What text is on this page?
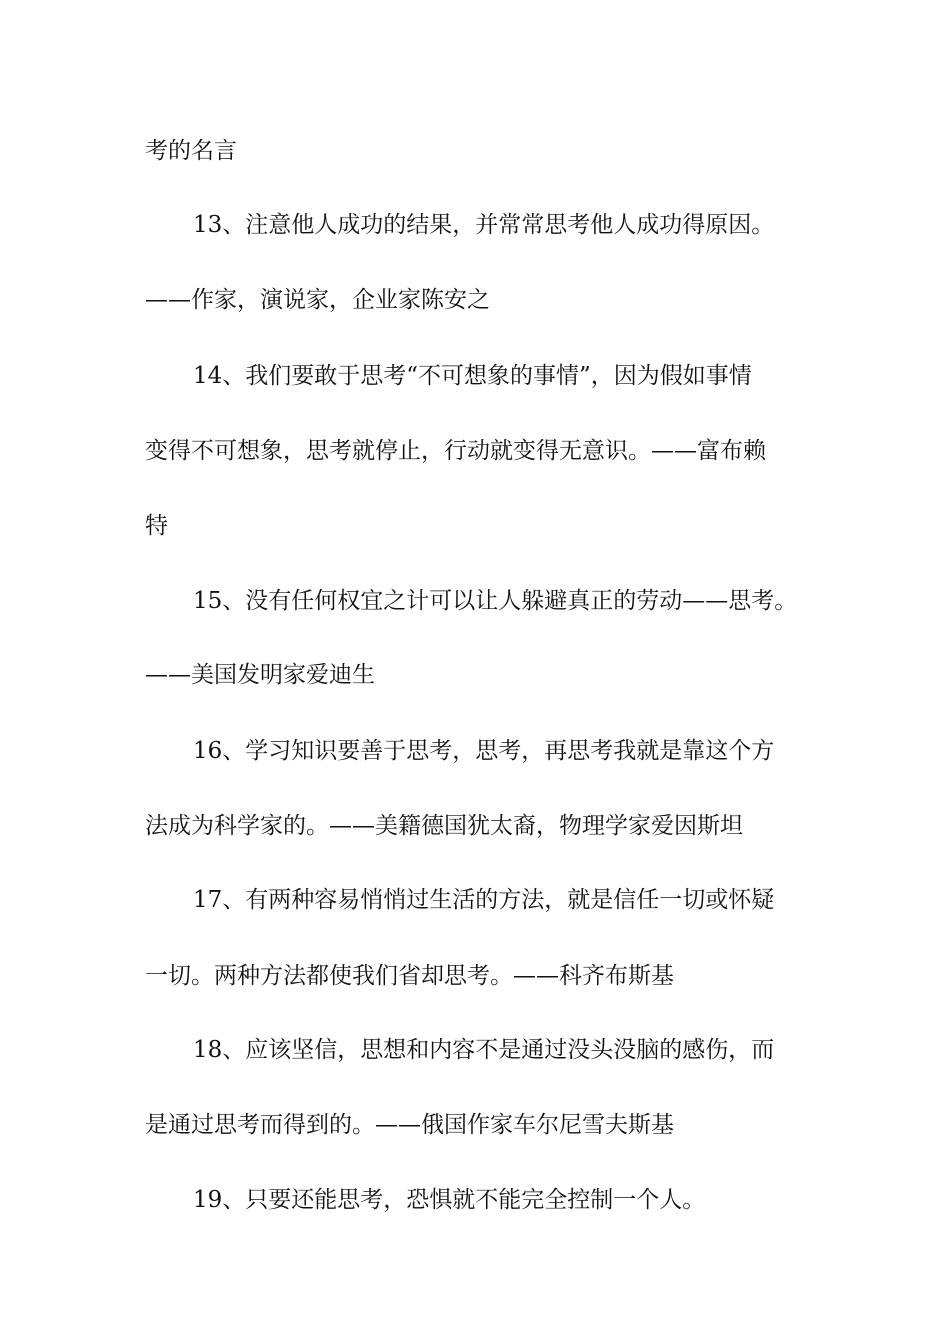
考的名言
13、注意他人成功的结果，并常常思考他人成功得原因。
——作家，演说家，企业家陈安之
14、我们要敢于思考“不可想象的事情”，因为假如事情
变得不可想象，思考就停止，行动就变得无意识。——富布赖
特
15、没有任何权宜之计可以让人躲避真正的劳动——思考。
——美国发明家爱迪生
16、学习知识要善于思考，思考，再思考我就是靠这个方
法成为科学家的。——美籍德国犹太裔，物理学家爱因斯坦
17、有两种容易悄悄过生活的方法，就是信任一切或怀疑
一切。两种方法都使我们省却思考。——科齐布斯基
18、应该坚信，思想和内容不是通过没头没脑的感伤，而
是通过思考而得到的。——俄国作家车尔尼雪夫斯基
19、只要还能思考，恐惧就不能完全控制一个人。
